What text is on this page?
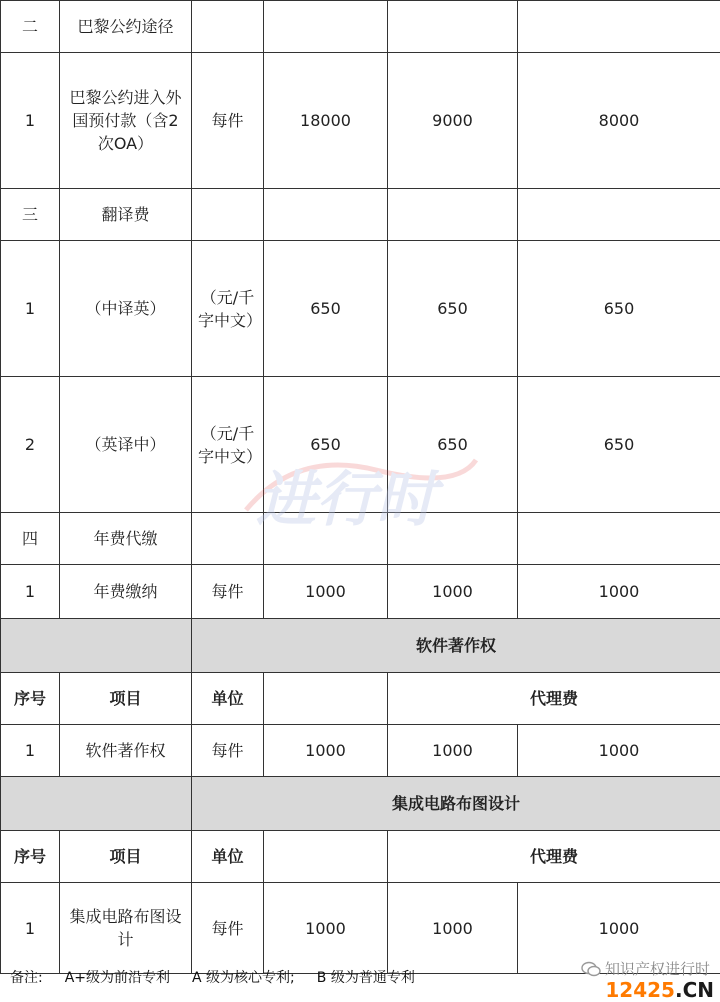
二	巴黎公约途径				
1	巴黎公约进入外国预付款（含2次OA）	每件	18000	9000	8000
三	翻译费				
1	（中译英）	（元/千字中文）	650	650	650
2	（英译中）	（元/千字中文）	650	650	650
四	年费代缴				
1	年费缴纳	每件	1000	1000	1000
		软件著作权			
序号	项目	单位		代理费	
1	软件著作权	每件	1000	1000	1000
		集成电路布图设计			
序号	项目	单位		代理费	
1	集成电路布图设计	每件	1000	1000	1000
进行时
备注: A+级为前沿专利 A 级为核心专利; B 级为普通专利	知识产权进行时
12425.CN
